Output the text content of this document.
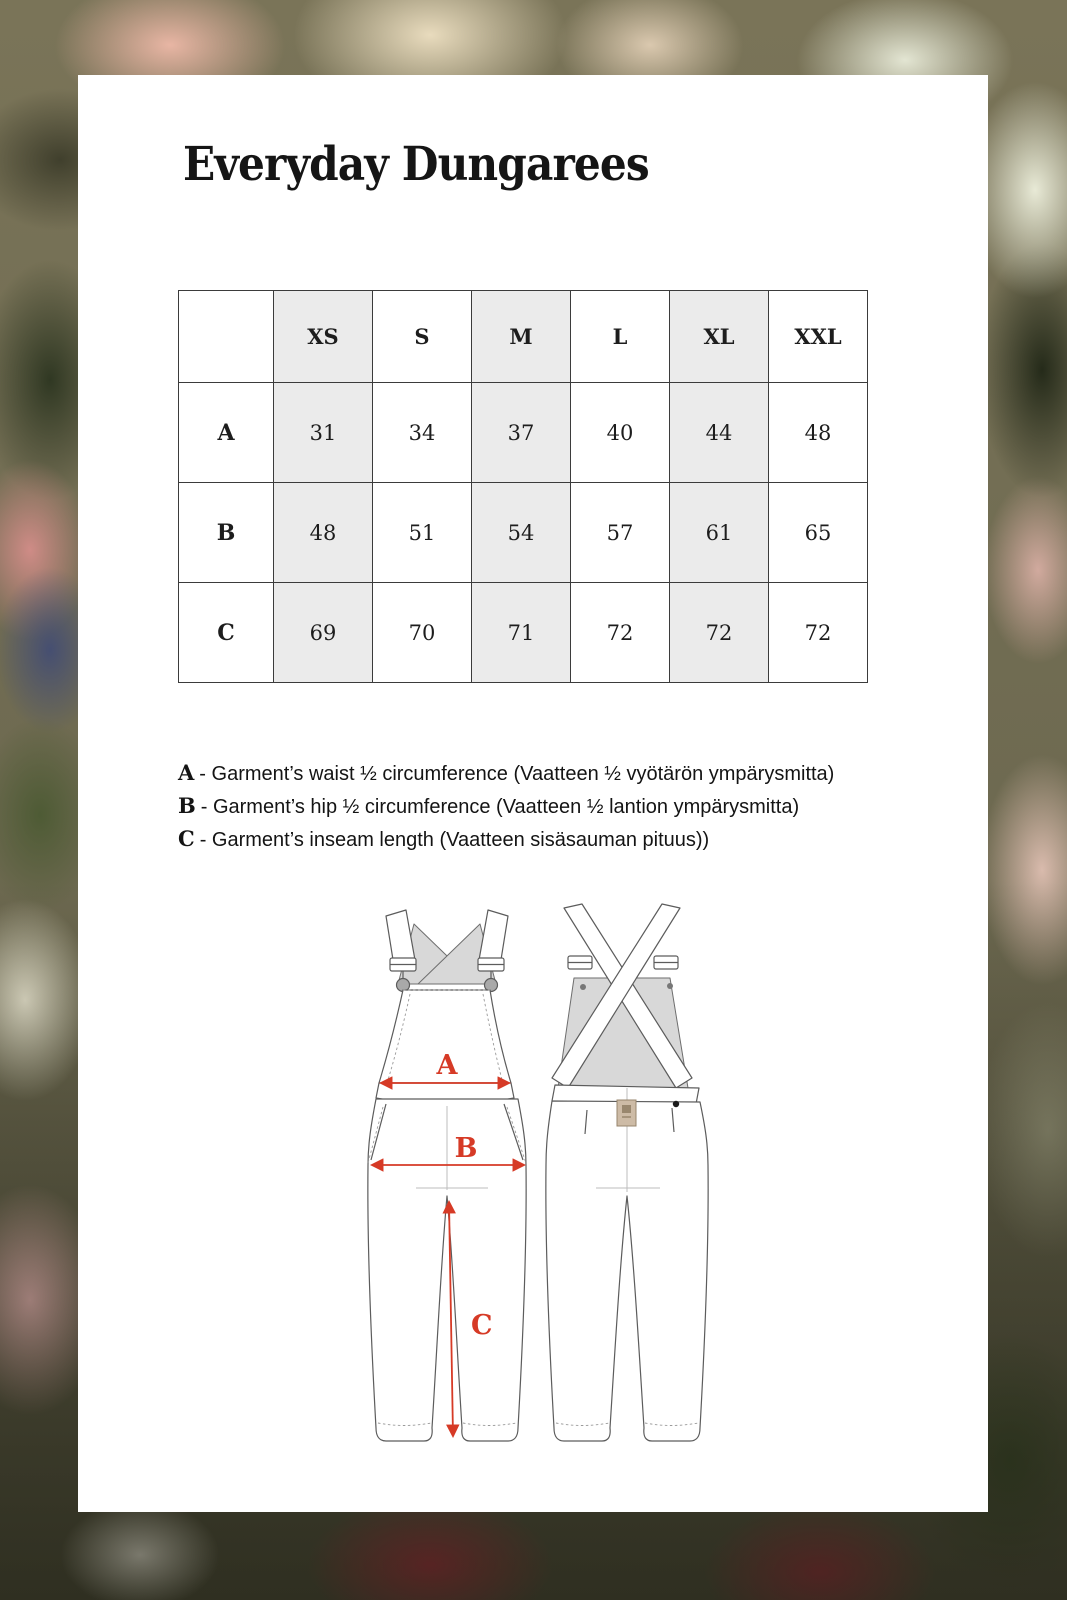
Everyday Dungarees
	XS	S	M	L	XL	XXL
A	31	34	37	40	44	48
B	48	51	54	57	61	65
C	69	70	71	72	72	72
A - Garment’s waist ½ circumference (Vaatteen ½ vyötärön ympärysmitta)
B - Garment’s hip ½ circumference (Vaatteen ½ lantion ympärysmitta)
C - Garment’s inseam length (Vaatteen sisäsauman pituus))
A
B
C
